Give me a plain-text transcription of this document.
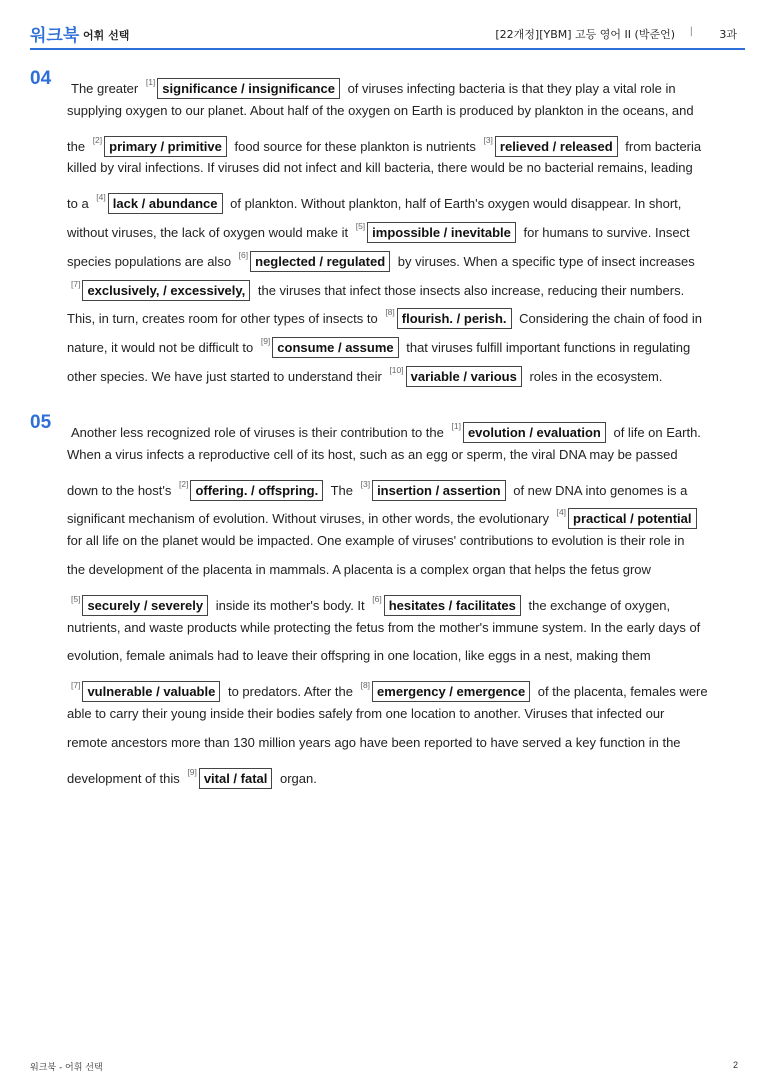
워크북 어휘 선택	[22개정][YBM] 고등 영어 II (박준언) | 3과
04	The greater [1] significance / insignificance of viruses infecting bacteria is that they play a vital role in
supplying oxygen to our planet. About half of the oxygen on Earth is produced by plankton in the oceans, and
the [2] primary / primitive food source for these plankton is nutrients [3] relieved / released from bacteria
killed by viral infections. If viruses did not infect and kill bacteria, there would be no bacterial remains, leading
to a [4] lack / abundance of plankton. Without plankton, half of Earth's oxygen would disappear. In short,
without viruses, the lack of oxygen would make it [5] impossible / inevitable for humans to survive. Insect
species populations are also [6] neglected / regulated by viruses. When a specific type of insect increases
[7] exclusively, / excessively, the viruses that infect those insects also increase, reducing their numbers.
This, in turn, creates room for other types of insects to [8] flourish. / perish. Considering the chain of food in
nature, it would not be difficult to [9] consume / assume that viruses fulfill important functions in regulating
other species. We have just started to understand their [10] variable / various roles in the ecosystem.
05	Another less recognized role of viruses is their contribution to the [1] evolution / evaluation of life on Earth.
When a virus infects a reproductive cell of its host, such as an egg or sperm, the viral DNA may be passed
down to the host's [2] offering. / offspring. The [3] insertion / assertion of new DNA into genomes is a
significant mechanism of evolution. Without viruses, in other words, the evolutionary [4] practical / potential
for all life on the planet would be impacted. One example of viruses' contributions to evolution is their role in
the development of the placenta in mammals. A placenta is a complex organ that helps the fetus grow
[5] securely / severely inside its mother's body. It [6] hesitates / facilitates the exchange of oxygen,
nutrients, and waste products while protecting the fetus from the mother's immune system. In the early days of
evolution, female animals had to leave their offspring in one location, like eggs in a nest, making them
[7] vulnerable / valuable to predators. After the [8] emergency / emergence of the placenta, females were
able to carry their young inside their bodies safely from one location to another. Viruses that infected our
remote ancestors more than 130 million years ago have been reported to have served a key function in the
development of this [9] vital / fatal organ.
워크북 - 어휘 선택	2
